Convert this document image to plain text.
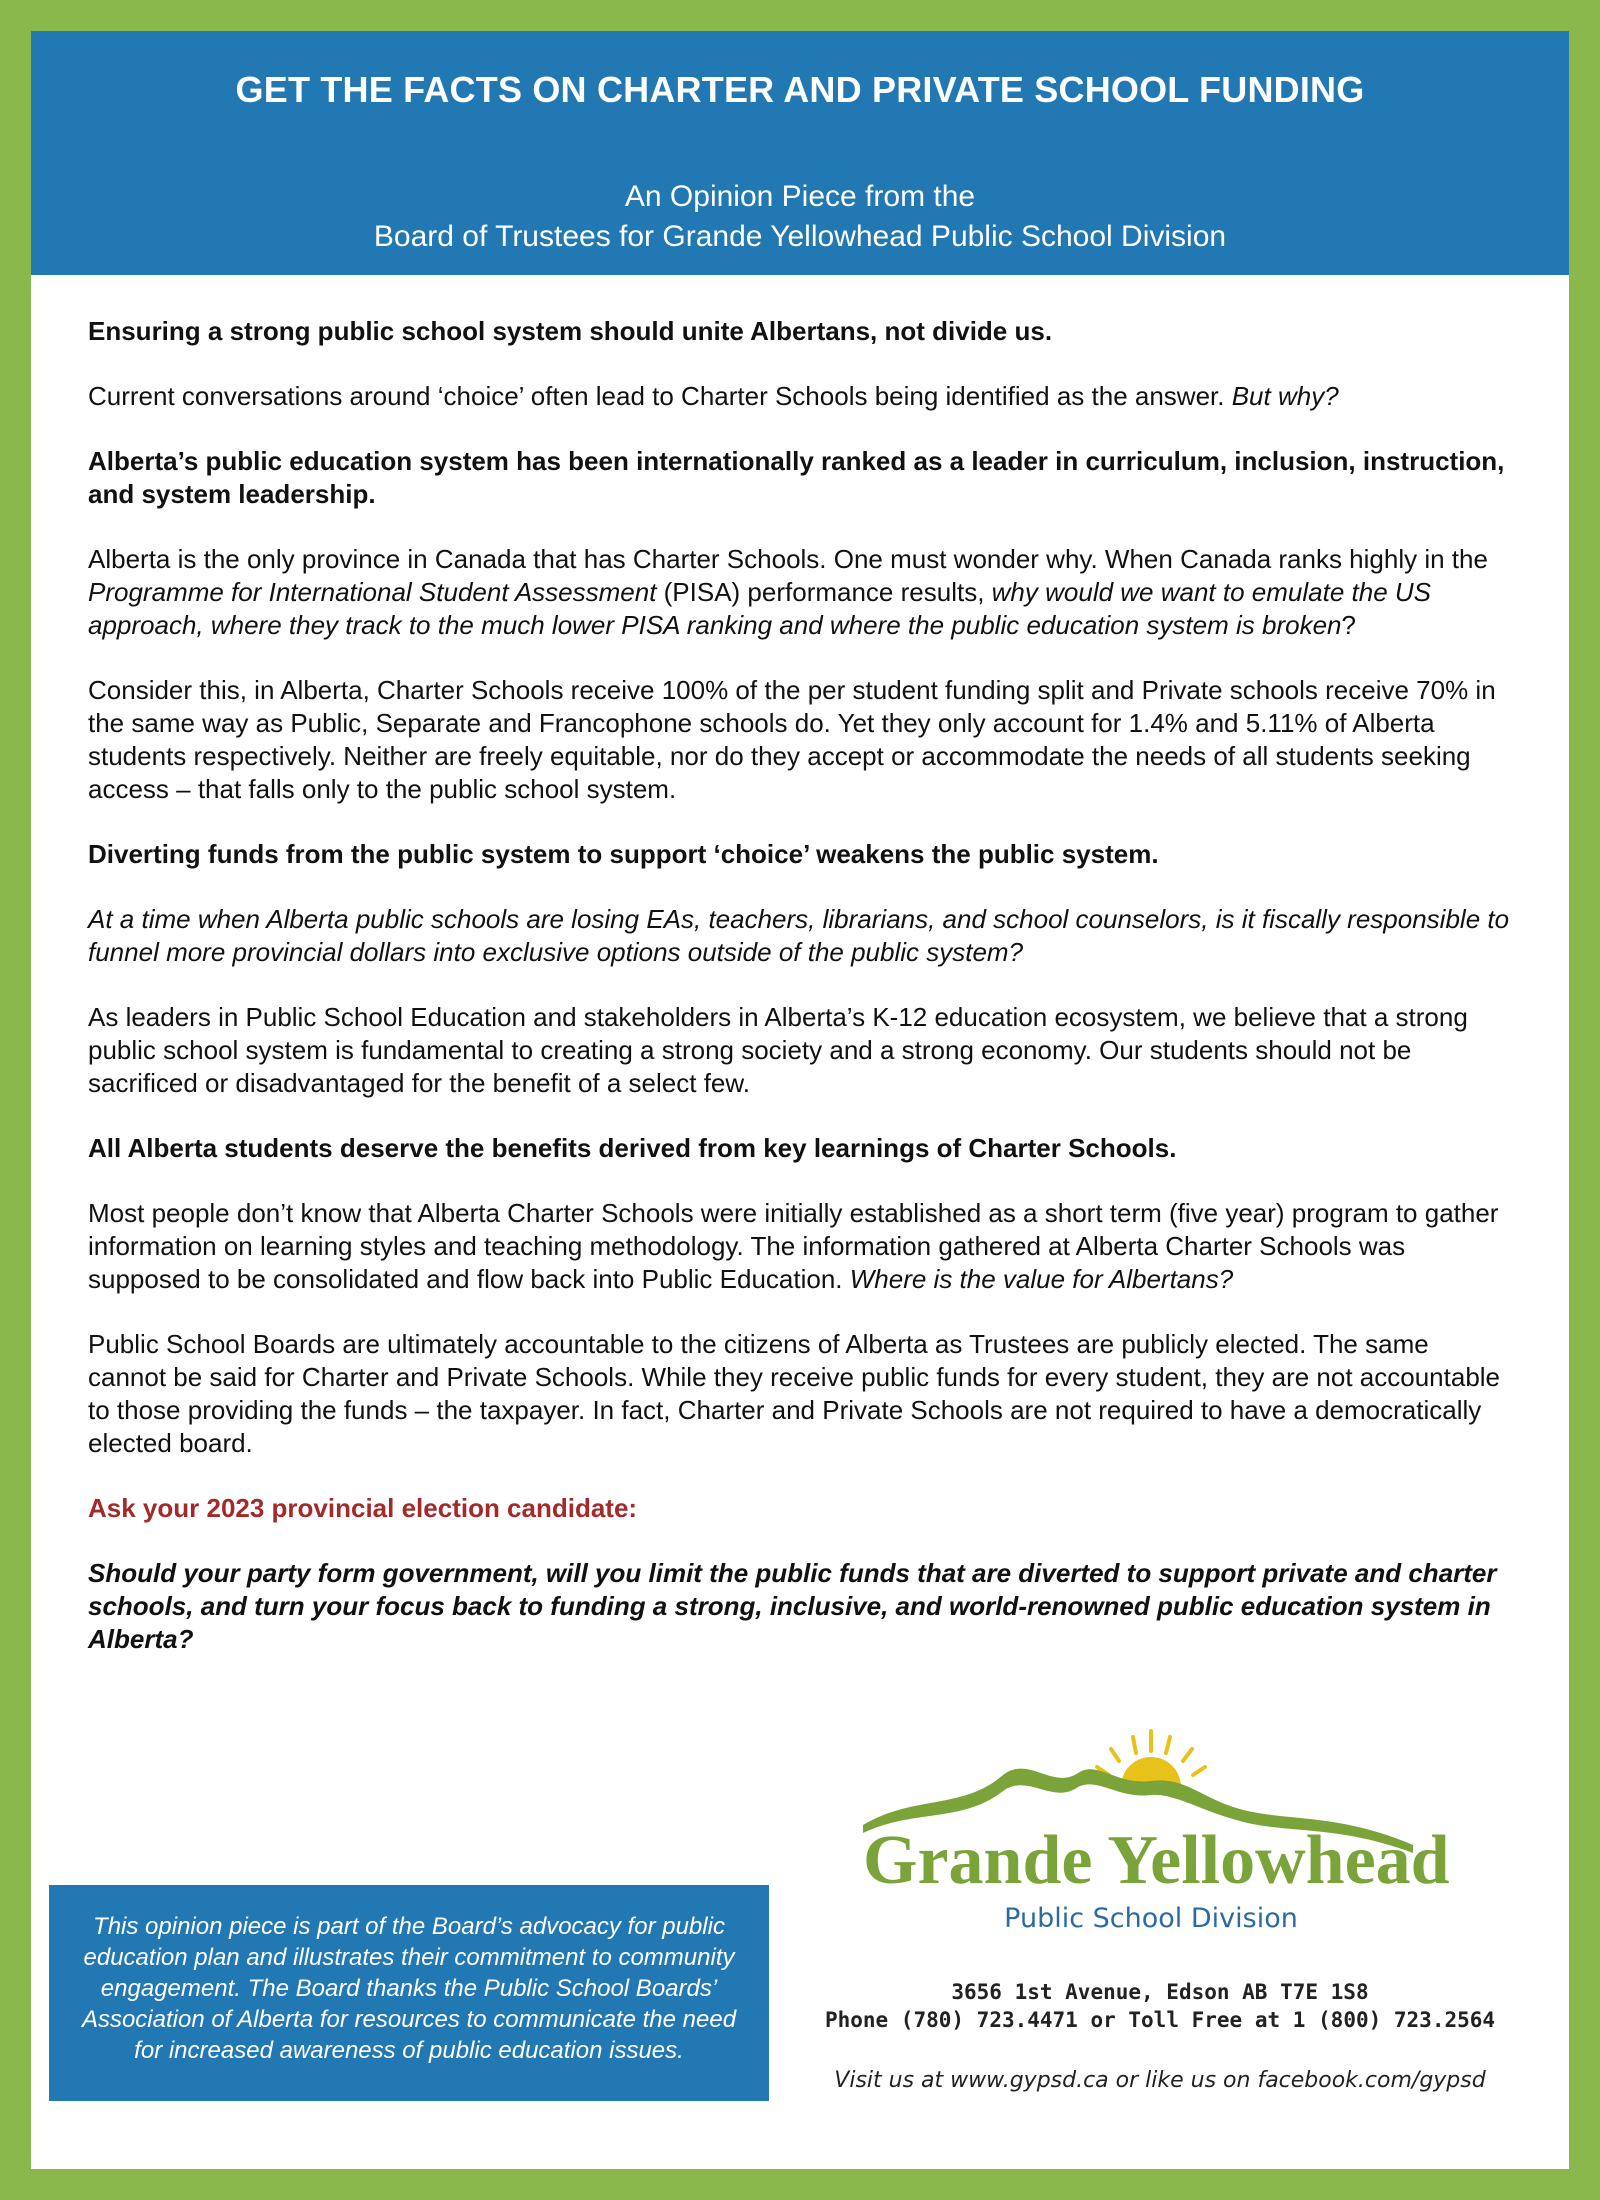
GET THE FACTS ON CHARTER AND PRIVATE SCHOOL FUNDING
An Opinion Piece from the
Board of Trustees for Grande Yellowhead Public School Division

Ensuring a strong public school system should unite Albertans, not divide us.

Current conversations around ‘choice’ often lead to Charter Schools being identified as the answer. But why?

Alberta’s public education system has been internationally ranked as a leader in curriculum, inclusion, instruction, and system leadership.

Alberta is the only province in Canada that has Charter Schools. One must wonder why. When Canada ranks highly in the Programme for International Student Assessment (PISA) performance results, why would we want to emulate the US approach, where they track to the much lower PISA ranking and where the public education system is broken?

Consider this, in Alberta, Charter Schools receive 100% of the per student funding split and Private schools receive 70% in the same way as Public, Separate and Francophone schools do. Yet they only account for 1.4% and 5.11% of Alberta students respectively. Neither are freely equitable, nor do they accept or accommodate the needs of all students seeking access – that falls only to the public school system.

Diverting funds from the public system to support ‘choice’ weakens the public system.

At a time when Alberta public schools are losing EAs, teachers, librarians, and school counselors, is it fiscally responsible to funnel more provincial dollars into exclusive options outside of the public system?

As leaders in Public School Education and stakeholders in Alberta’s K-12 education ecosystem, we believe that a strong public school system is fundamental to creating a strong society and a strong economy. Our students should not be sacrificed or disadvantaged for the benefit of a select few.

All Alberta students deserve the benefits derived from key learnings of Charter Schools.

Most people don’t know that Alberta Charter Schools were initially established as a short term (five year) program to gather information on learning styles and teaching methodology. The information gathered at Alberta Charter Schools was supposed to be consolidated and flow back into Public Education. Where is the value for Albertans?

Public School Boards are ultimately accountable to the citizens of Alberta as Trustees are publicly elected. The same cannot be said for Charter and Private Schools. While they receive public funds for every student, they are not accountable to those providing the funds – the taxpayer. In fact, Charter and Private Schools are not required to have a democratically elected board.

Ask your 2023 provincial election candidate:

Should your party form government, will you limit the public funds that are diverted to support private and charter schools, and turn your focus back to funding a strong, inclusive, and world-renowned public education system in Alberta?

This opinion piece is part of the Board’s advocacy for public education plan and illustrates their commitment to community engagement. The Board thanks the Public School Boards’ Association of Alberta for resources to communicate the need for increased awareness of public education issues.
Grande Yellowhead
Public School Division
3656 1st Avenue, Edson AB T7E 1S8
Phone (780) 723.4471 or Toll Free at 1 (800) 723.2564
Visit us at www.gypsd.ca or like us on facebook.com/gypsd
